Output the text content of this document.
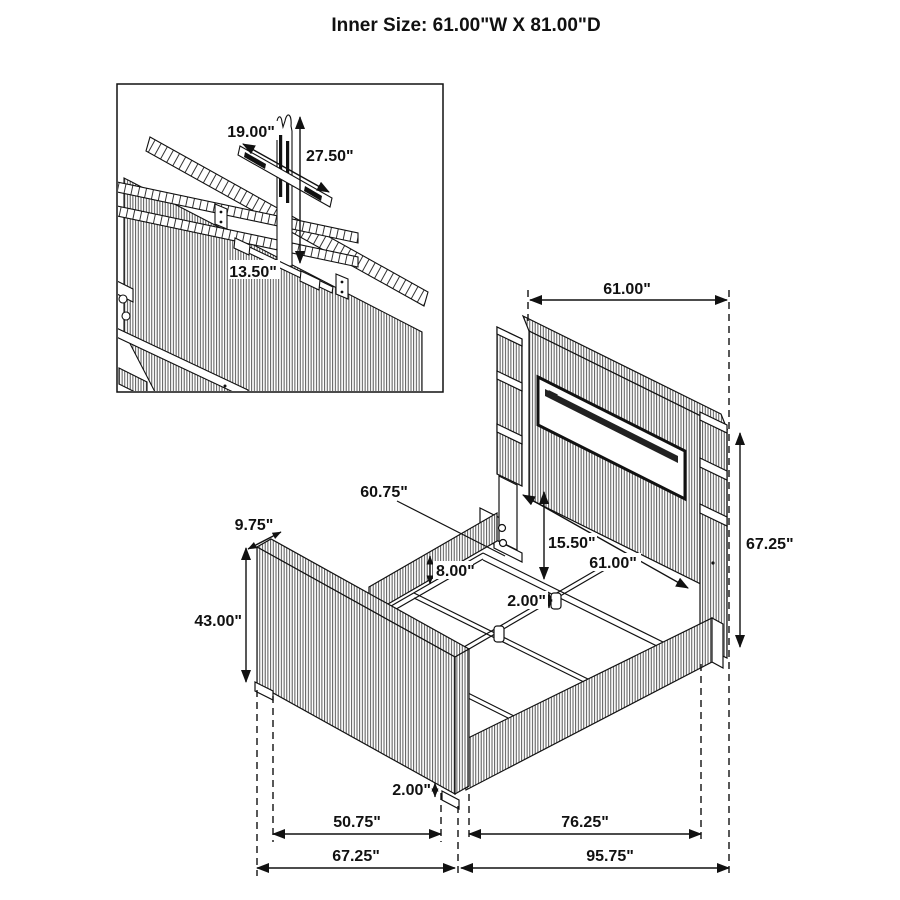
Inner Size: 61.00"W X 81.00"D
61.00"
67.25"
60.75"
9.75"
43.00"
15.50"
8.00"	61.00"
2.00"
2.00"
50.75"	76.25"
67.25"	95.75"
19.00"
27.50"
13.50"
